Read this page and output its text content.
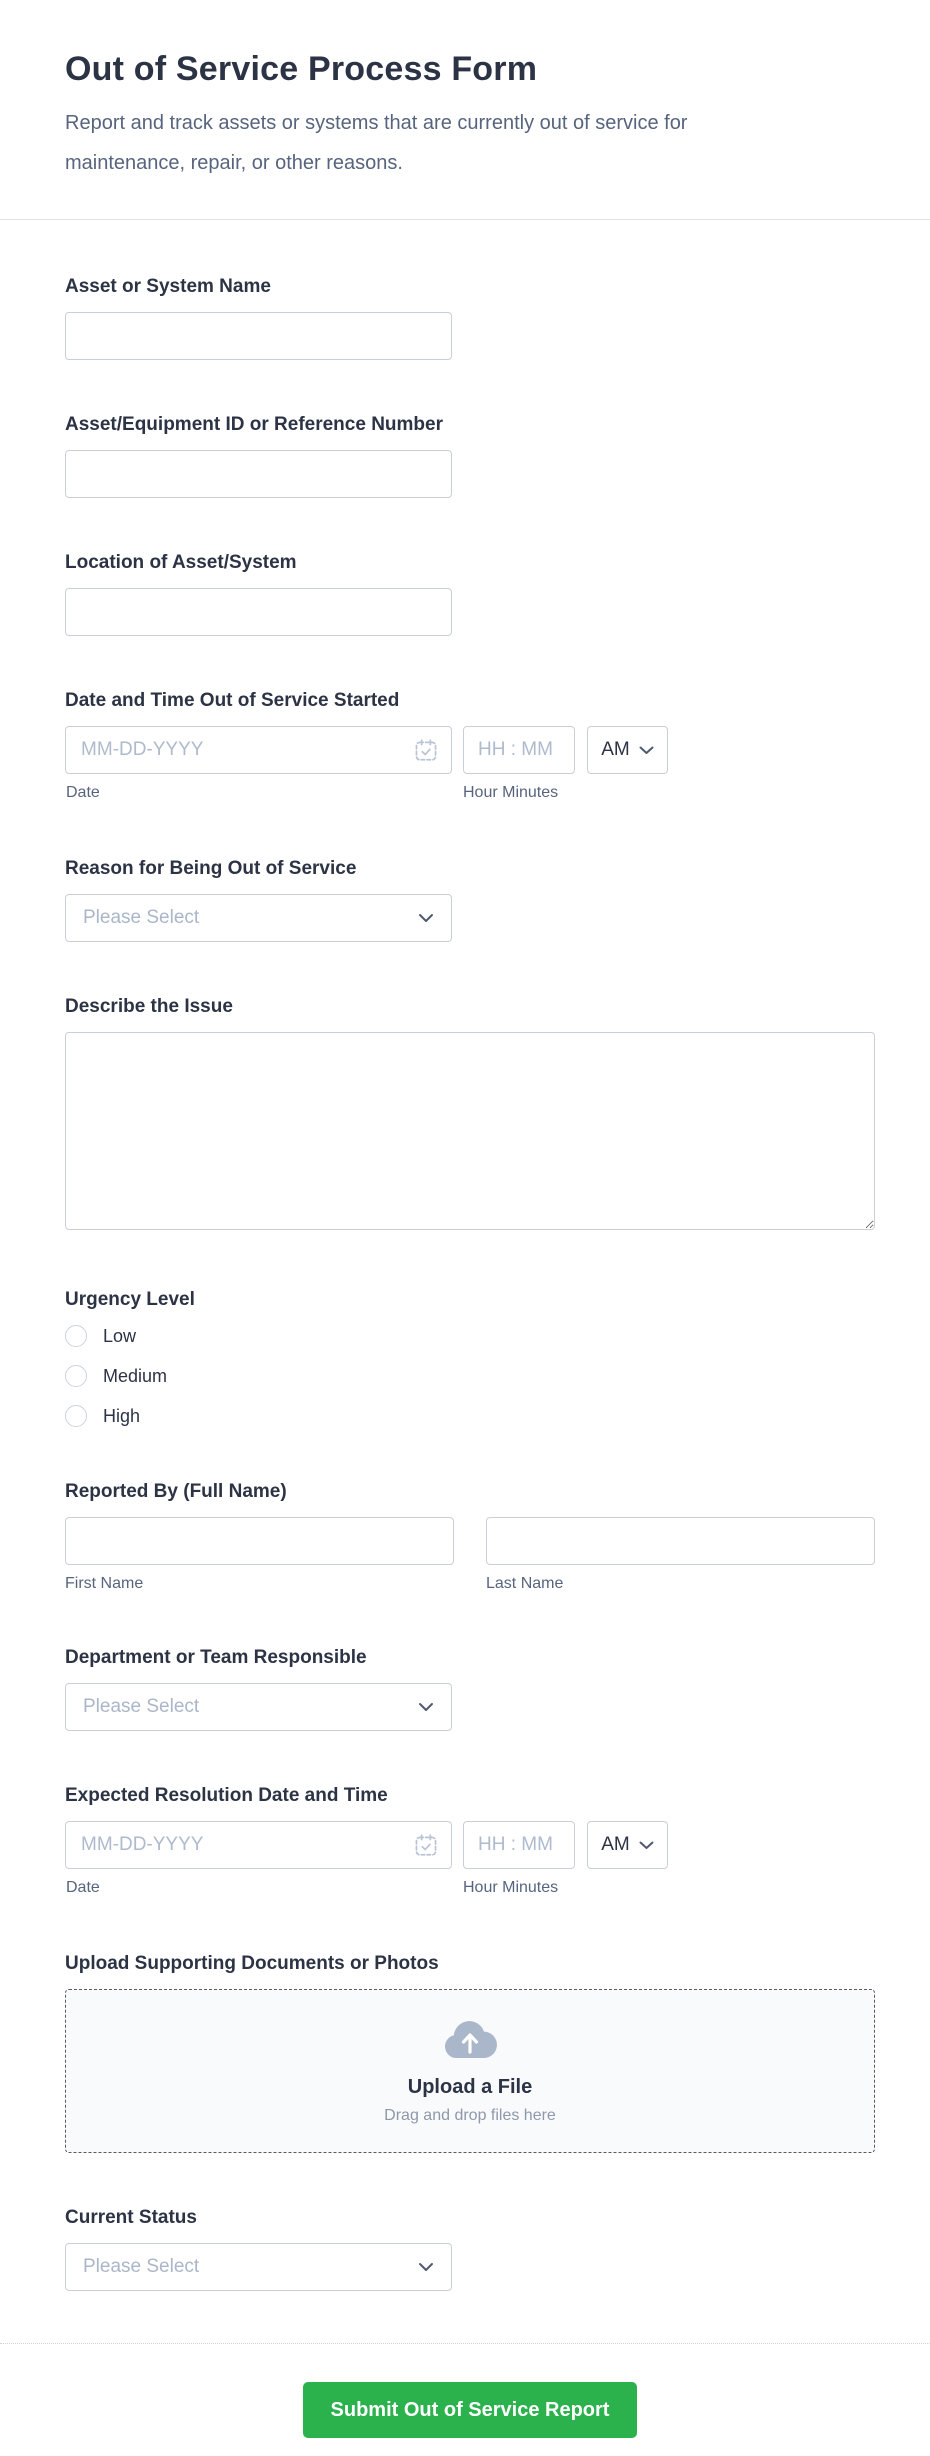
Out of Service Process Form
Report and track assets or systems that are currently out of service for maintenance, repair, or other reasons.
Asset or System Name
Asset/Equipment ID or Reference Number
Location of Asset/System
Date and Time Out of Service Started
MM-DD-YYYY
HH : MM
AM
Date	Hour Minutes
Reason for Being Out of Service
Please Select
Describe the Issue
Urgency Level
Low
Medium
High
Reported By (Full Name)
First Name	Last Name
Department or Team Responsible
Please Select
Expected Resolution Date and Time
MM-DD-YYYY
HH : MM
AM
Date	Hour Minutes
Upload Supporting Documents or Photos
Upload a File
Drag and drop files here
Current Status
Please Select
Submit Out of Service Report
